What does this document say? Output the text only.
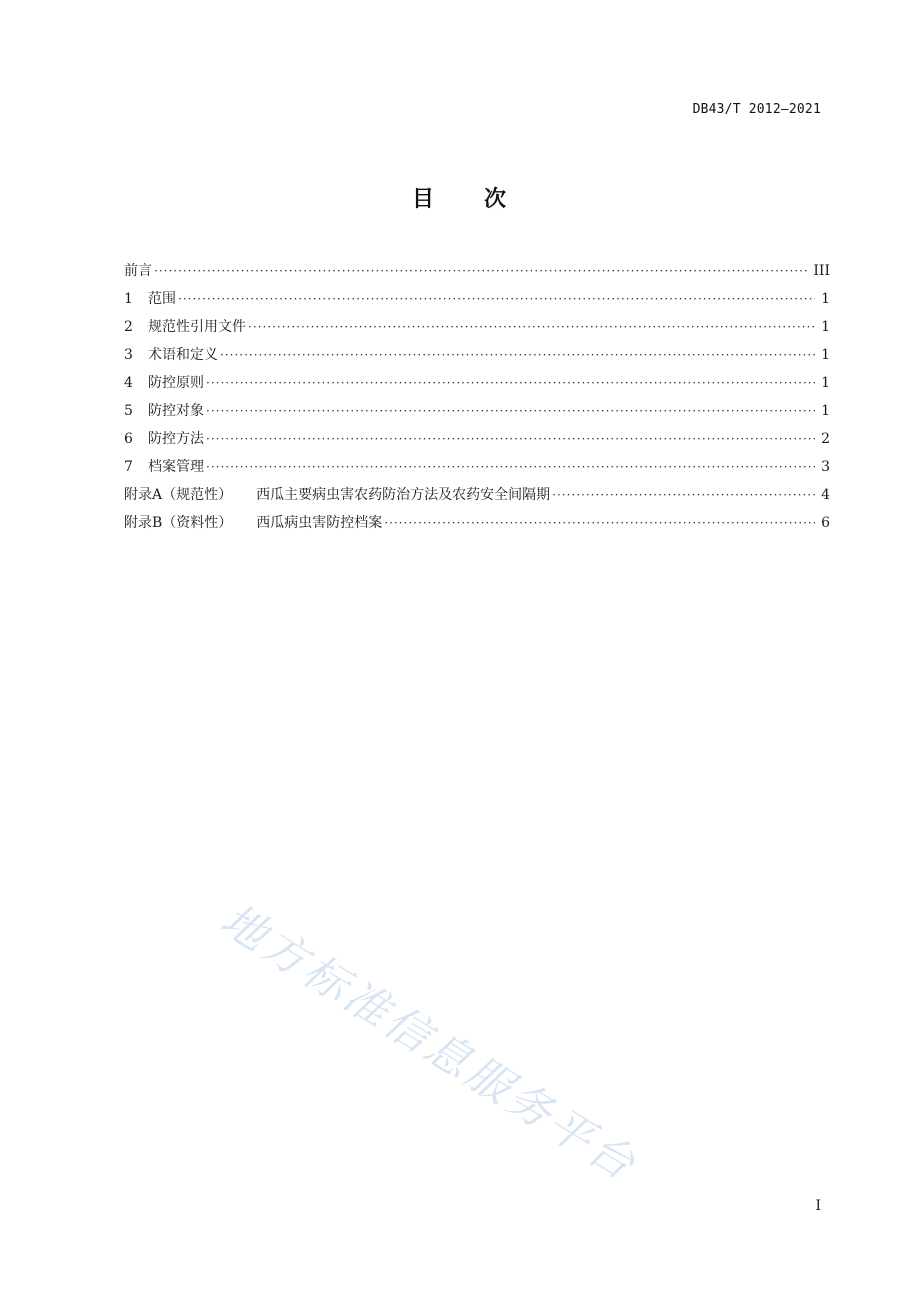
DB43/T 2012—2021
目 次
前言 ·····	III
1	范围 ·····	1
2	规范性引用文件 ·····	1
3	术语和定义 ·····	1
4	防控原则 ·····	1
5	防控对象 ·····	1
6	防控方法 ·····	2
7	档案管理 ·····	3
附录A（规范性） 西瓜主要病虫害农药防治方法及农药安全间隔期 ·····	4
附录B（资料性） 西瓜病虫害防控档案 ·····	6
地方标准信息服务平台
I
